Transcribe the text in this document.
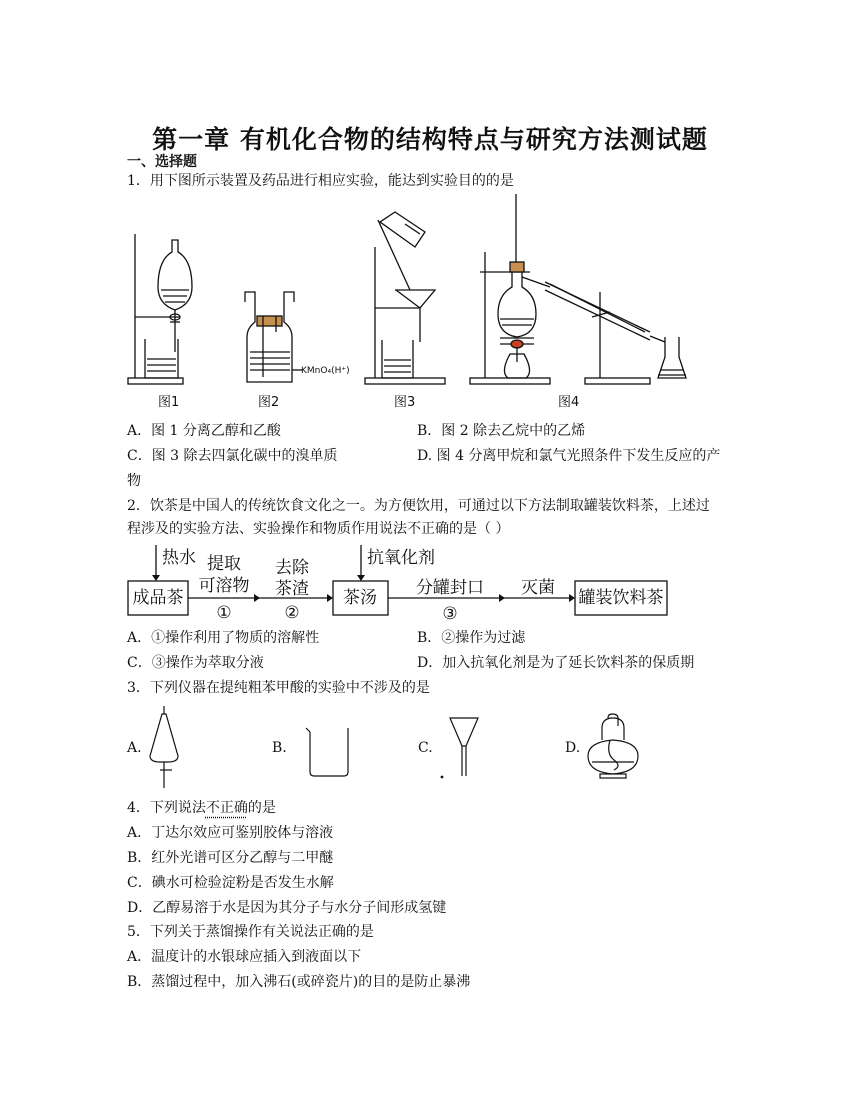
第一章 有机化合物的结构特点与研究方法测试题
一、选择题
1．用下图所示装置及药品进行相应实验，能达到实验目的的是
KMnO₄(H⁺)
图1	图2	图3	图4
A．图 1 分离乙醇和乙酸	B．图 2 除去乙烷中的乙烯
C．图 3 除去四氯化碳中的溴单质	D. 图 4 分离甲烷和氯气光照条件下发生反应的产
物
2．饮茶是中国人的传统饮食文化之一。为方便饮用，可通过以下方法制取罐装饮料茶，上述过
程涉及的实验方法、实验操作和物质作用说法不正确的是（ ）
成品茶	茶汤	罐装饮料茶
热水	抗氧化剂
提取
可溶物
①
去除
茶渣
②
分罐封口
③
灭菌
A．①操作利用了物质的溶解性	B．②操作为过滤
C．③操作为萃取分液	D．加入抗氧化剂是为了延长饮料茶的保质期
3．下列仪器在提纯粗苯甲酸的实验中不涉及的是
A.	B.	C.	D.
4．下列说法不正确的是
A．丁达尔效应可鉴别胶体与溶液
B．红外光谱可区分乙醇与二甲醚
C．碘水可检验淀粉是否发生水解
D．乙醇易溶于水是因为其分子与水分子间形成氢键
5．下列关于蒸馏操作有关说法正确的是
A．温度计的水银球应插入到液面以下
B．蒸馏过程中，加入沸石(或碎瓷片)的目的是防止暴沸
